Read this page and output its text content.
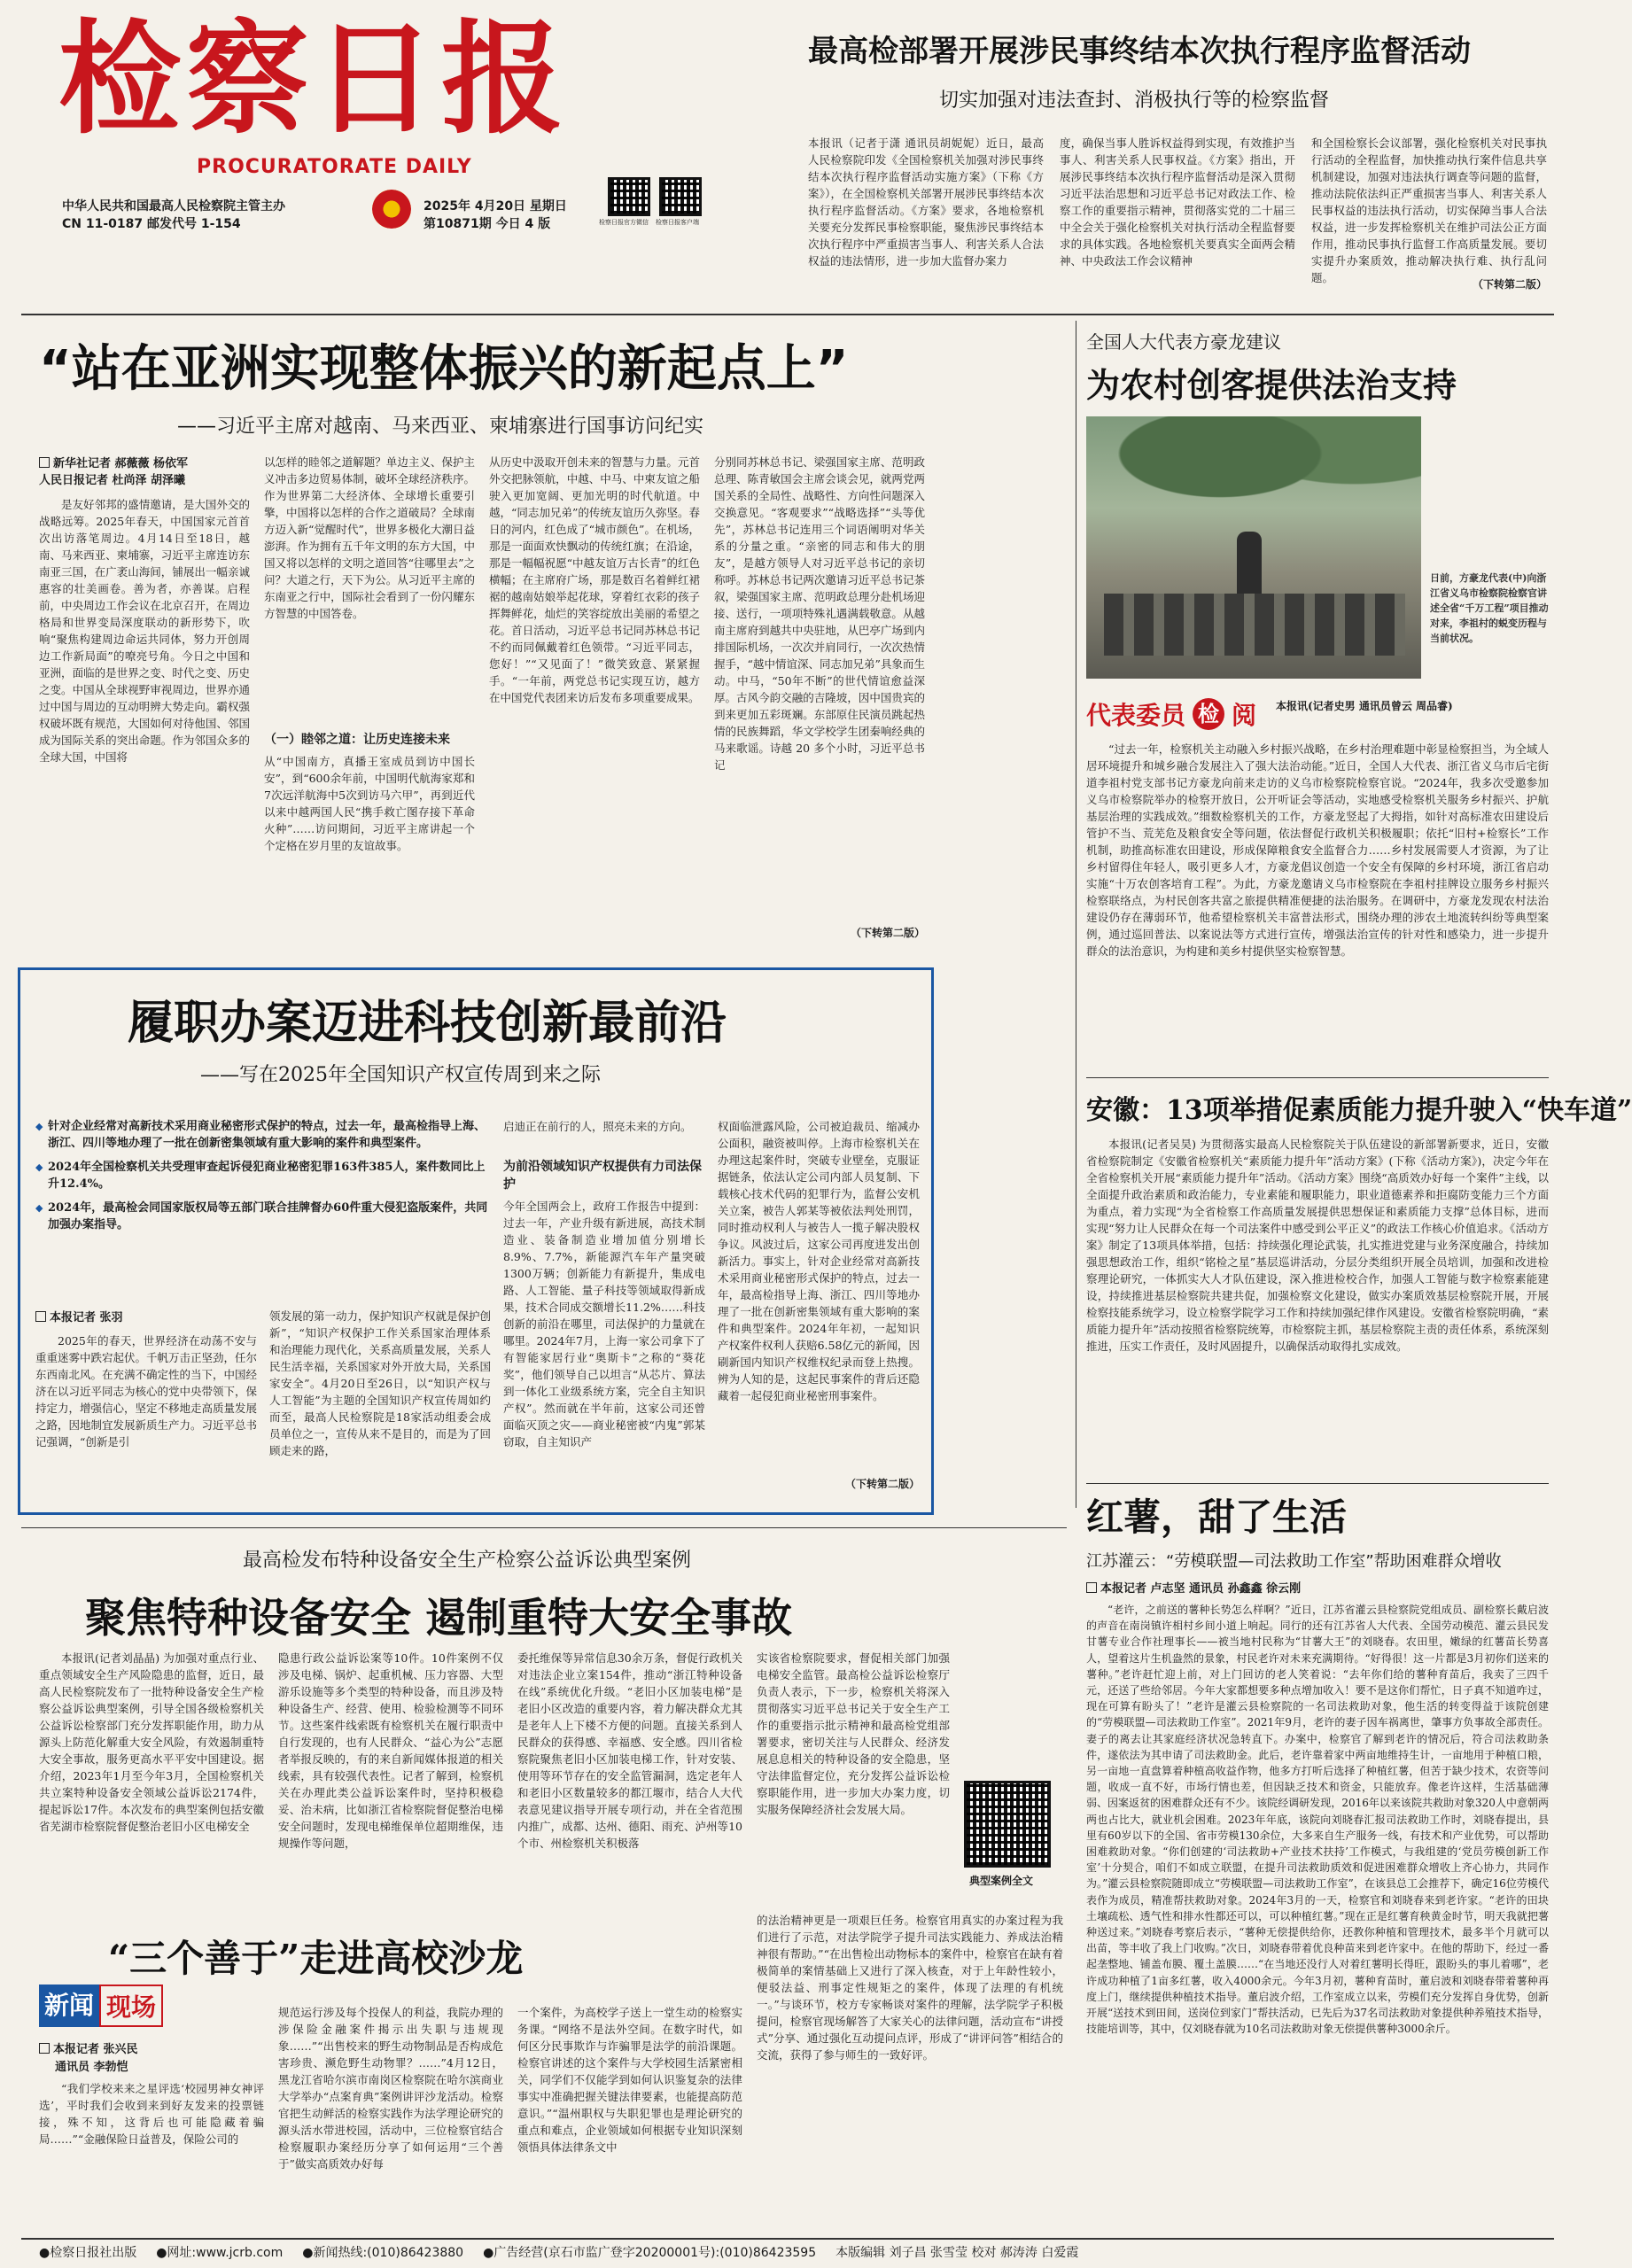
检察日报
PROCURATORATE DAILY
中华人民共和国最高人民检察院主管主办
CN 11-0187 邮发代号 1-154
2025年 4月20日 星期日
第10871期 今日 4 版	检察日报官方微信 检察日报客户端
最高检部署开展涉民事终结本次执行程序监督活动
切实加强对违法查封、消极执行等的检察监督
本报讯（记者于潇 通讯员胡妮妮）近日，最高人民检察院印发《全国检察机关加强对涉民事终结本次执行程序监督活动实施方案》（下称《方案》），在全国检察机关部署开展涉民事终结本次执行程序监督活动。《方案》要求，各地检察机关要充分发挥民事检察职能，聚焦涉民事终结本次执行程序中严重损害当事人、利害关系人合法权益的违法情形，进一步加大监督办案力
度，确保当事人胜诉权益得到实现，有效推护当事人、利害关系人民事权益。《方案》指出，开展涉民事终结本次执行程序监督活动是深入贯彻习近平法治思想和习近平总书记对政法工作、检察工作的重要指示精神，贯彻落实党的二十届三中全会关于强化检察机关对执行活动全程监督要求的具体实践。各地检察机关要真实全面两会精神、中央政法工作会议精神
和全国检察长会议部署，强化检察机关对民事执行活动的全程监督，加快推动执行案件信息共享机制建设，加强对违法执行调查等问题的监督，推动法院依法纠正严重损害当事人、利害关系人民事权益的违法执行活动，切实保障当事人合法权益，进一步发挥检察机关在维护司法公正方面作用，推动民事执行监督工作高质量发展。要切实提升办案质效，推动解决执行难、执行乱问题。	（下转第二版）
“站在亚洲实现整体振兴的新起点上”
——习近平主席对越南、马来西亚、柬埔寨进行国事访问纪实
新华社记者 郝薇薇 杨依军
人民日报记者 杜尚泽 胡泽曦
是友好邻邦的盛情邀请，是大国外交的战略远筹。2025年春天，中国国家元首首次出访落笔周边。4月14日至18日，越南、马来西亚、柬埔寨，习近平主席连访东南亚三国，在广袤山海间，铺展出一幅亲诚惠容的壮美画卷。善为者，亦善谋。启程前，中央周边工作会议在北京召开，在周边格局和世界变局深度联动的新形势下，吹响“聚焦构建周边命运共同体，努力开创周边工作新局面”的嘹亮号角。今日之中国和亚洲，面临的是世界之变、时代之变、历史之变。中国从全球视野审视周边，世界亦通过中国与周边的互动明辨大势走向。霸权强权破坏既有规范，大国如何对待他国、邻国成为国际关系的突出命题。作为邻国众多的全球大国，中国将
以怎样的睦邻之道解题？单边主义、保护主义冲击多边贸易体制，破坏全球经济秩序。作为世界第二大经济体、全球增长重要引擎，中国将以怎样的合作之道破局？全球南方迈入新“觉醒时代”，世界多极化大潮日益澎湃。作为拥有五千年文明的东方大国，中国又将以怎样的文明之道回答“往哪里去”之问？大道之行，天下为公。从习近平主席的东南亚之行中，国际社会看到了一份闪耀东方智慧的中国答卷。
（一）睦邻之道：让历史连接未来
从“中国南方，真播王室成员到访中国长安”，到“600余年前，中国明代航海家郑和7次远洋航海中5次到访马六甲”，再到近代以来中越两国人民“携手救亡图存接下革命火种”……访问期间，习近平主席讲起一个个定格在岁月里的友谊故事。
从历史中汲取开创未来的智慧与力量。元首外交把脉领航，中越、中马、中柬友谊之船驶入更加宽阔、更加光明的时代航道。中越，“同志加兄弟”的传统友谊历久弥坚。春日的河内，红色成了“城市颜色”。在机场，那是一面面欢快飘动的传统红旗；在沿途，那是一幅幅祝愿“中越友谊万古长青”的红色横幅；在主席府广场，那是数百名着鲜红裙裾的越南姑娘举起花球，穿着红衣彩的孩子挥舞鲜花，灿烂的笑容绽放出美丽的希望之花。首日活动，习近平总书记同苏林总书记不约而同佩戴着红色领带。“习近平同志，您好！”“又见面了！”微笑致意、紧紧握手。“一年前，两党总书记实现互访，越方在中国党代表团来访后发布多项重要成果。
分别同苏林总书记、梁强国家主席、范明政总理、陈青敏国会主席会谈会见，就两党两国关系的全局性、战略性、方向性问题深入交换意见。“客观要求”“战略选择”“头等优先”，苏林总书记连用三个词语阐明对华关系的分量之重。“亲密的同志和伟大的朋友”，是越方领导人对习近平总书记的亲切称呼。苏林总书记两次邀请习近平总书记茶叙，梁强国家主席、范明政总理分赴机场迎接、送行，一项项特殊礼遇满载敬意。从越南主席府到越共中央驻地，从巴亭广场到内排国际机场，一次次并肩同行，一次次热情握手，“越中情谊深、同志加兄弟”具象而生动。中马，“50年不断”的世代情谊愈益深厚。古风今韵交融的吉隆坡，因中国贵宾的到来更加五彩斑斓。东部原住民演员跳起热情的民族舞蹈，华文学校学生团秦响经典的马来歌谣。诗越 20 多个小时，习近平总书记
（下转第二版）
履职办案迈进科技创新最前沿
——写在2025年全国知识产权宣传周到来之际
◆ 针对企业经常对高新技术采用商业秘密形式保护的特点，过去一年，最高检指导上海、浙江、四川等地办理了一批在创新密集领域有重大影响的案件和典型案件。
◆ 2024年全国检察机关共受理审查起诉侵犯商业秘密犯罪163件385人，案件数同比上升12.4%。
◆ 2024年，最高检会同国家版权局等五部门联合挂牌督办60件重大侵犯盗版案件，共同加强办案指导。
本报记者 张羽
2025年的春天，世界经济在动荡不安与重重迷雾中跌宕起伏。千帆万击正坚劲，任尔东西南北风。在充满不确定性的当下，中国经济在以习近平同志为核心的党中央带领下，保持定力，增强信心，坚定不移地走高质量发展之路，因地制宜发展新质生产力。习近平总书记强调，“创新是引
领发展的第一动力，保护知识产权就是保护创新”，“知识产权保护工作关系国家治理体系和治理能力现代化，关系高质量发展，关系人民生活幸福，关系国家对外开放大局，关系国家安全”。4月20日至26日，以“知识产权与人工智能”为主题的全国知识产权宣传周如约而至，最高人民检察院是18家活动组委会成员单位之一，宣传从来不是目的，而是为了回顾走来的路，
启迪正在前行的人，照亮未来的方向。
为前沿领域知识产权提供有力司法保护
今年全国两会上，政府工作报告中提到：过去一年，产业升级有新进展，高技术制造业、装备制造业增加值分别增长8.9%、7.7%，新能源汽车年产量突破1300万辆；创新能力有新提升，集成电路、人工智能、量子科技等领域取得新成果，技术合同成交额增长11.2%……科技创新的前沿在哪里，司法保护的力量就在哪里。2024年7月，上海一家公司拿下了有智能家居行业“奥斯卡”之称的“葵花奖”，他们领导自己以坦言“从芯片、算法到一体化工业级系统方案，完全自主知识产权”。然而就在半年前，这家公司还曾面临灭顶之灾——商业秘密被“内鬼”郭某窃取，自主知识产
权面临泄露风险，公司被迫裁员、缩减办公面积，融资被叫停。上海市检察机关在办理这起案件时，突破专业壁垒，克服证据链条，依法认定公司内部人员复制、下载核心技术代码的犯罪行为，监督公安机关立案，被告人郭某等被依法判处刑罚，同时推动权利人与被告人一揽子解决股权争议。风波过后，这家公司再度进发出创新活力。事实上，针对企业经常对高新技术采用商业秘密形式保护的特点，过去一年，最高检指导上海、浙江、四川等地办理了一批在创新密集领域有重大影响的案件和典型案件。2024年年初，一起知识产权案件权利人获赔6.58亿元的新闻，因刷新国内知识产权维权纪录而登上热搜。辨为人知的是，这起民事案件的背后还隐藏着一起侵犯商业秘密刑事案件。
（下转第二版）
全国人大代表方豪龙建议
为农村创客提供法治支持
日前，方豪龙代表(中)向浙江省义乌市检察院检察官讲述全省“千万工程”项目推动对来，李祖村的蜕变历程与当前状况。
代表委员 检 阅 本报讯(记者史男 通讯员曾云 周品睿)
“过去一年，检察机关主动融入乡村振兴战略，在乡村治理难题中彰显检察担当，为全域人居环境提升和城乡融合发展注入了强大法治动能。”近日，全国人大代表、浙江省义乌市后宅街道李祖村党支部书记方豪龙向前来走访的义乌市检察院检察官说。“2024年，我多次受邀参加义乌市检察院举办的检察开放日，公开听证会等活动，实地感受检察机关服务乡村振兴、护航基层治理的实践成效。”细数检察机关的工作，方豪龙竖起了大拇指，如针对高标准农田建设后管护不当、荒芜危及粮食安全等问题，依法督促行政机关积极履职；依托“旧村+检察长”工作机制，助推高标准农田建设，形成保障粮食安全监督合力……乡村发展需要人才资源，为了让乡村留得住年轻人，吸引更多人才，方豪龙倡议创造一个安全有保障的乡村环境，浙江省启动实施“十万农创客培育工程”。为此，方豪龙邀请义乌市检察院在李祖村挂牌设立服务乡村振兴检察联络点，为村民创客共富之旅提供精准便捷的法治服务。在调研中，方豪龙发现农村法治建设仍存在薄弱环节，他希望检察机关丰富普法形式，围绕办理的涉农土地流转纠纷等典型案例，通过巡回普法、以案说法等方式进行宣传，增强法治宣传的针对性和感染力，进一步提升群众的法治意识，为构建和美乡村提供坚实检察智慧。
安徽：13项举措促素质能力提升驶入“快车道”
本报讯(记者吴昊) 为贯彻落实最高人民检察院关于队伍建设的新部署新要求，近日，安徽省检察院制定《安徽省检察机关“素质能力提升年”活动方案》(下称《活动方案》)，决定今年在全省检察机关开展“素质能力提升年”活动。《活动方案》围绕“高质效办好每一个案件”主线，以全面提升政治素质和政治能力，专业素能和履职能力，职业道德素养和拒腐防变能力三个方面为重点，着力实现“为全省检察工作高质量发展提供思想保证和素质能力支撑”总体目标，进而实现“努力让人民群众在每一个司法案件中感受到公平正义”的政法工作核心价值追求。《活动方案》制定了13项具体举措，包括：持续强化理论武装，扎实推进党建与业务深度融合，持续加强思想政治工作，组织“铭检之星”基层巡讲活动，分层分类组织开展全员培训，加强和改进检察理论研究，一体抓实大人才队伍建设，深入推进检校合作，加强人工智能与数字检察素能建设，持续推进基层检察院共建共促，加强检察文化建设，做实办案质效基层检察院开展，开展检察技能系统学习，设立检察学院学习工作和持续加强纪律作风建设。安徽省检察院明确，“素质能力提升年”活动按照省检察院统筹，市检察院主抓，基层检察院主责的责任体系，系统深刻推进，压实工作责任，及时风固提升，以确保活动取得扎实成效。
红薯，甜了生活
江苏灌云：“劳模联盟—司法救助工作室”帮助困难群众增收
本报记者 卢志坚 通讯员 孙鑫鑫 徐云刚
“老许，之前送的薯种长势怎么样啊？”近日，江苏省灌云县检察院党组成员、副检察长戴启波的声音在南岗镇许相村乡间小道上响起。同行的还有江苏省人大代表、全国劳动模范、灌云县民发甘薯专业合作社理事长——被当地村民称为“甘薯大王”的刘晓春。农田里，嫩绿的红薯苗长势喜人，望着这片生机盎然的景象，村民老许对未来充满期待。“好得很！这一片都是3月初你们送来的薯种。”老许赶忙迎上前，对上门回访的老人笑着说：“去年你们给的薯种育苗后，我卖了三四千元，还送了些给邻居。今年大家都想要多种点增加收入！要不是这你们帮忙，日子真不知道咋过，现在可算有盼头了！”老许是灌云县检察院的一名司法救助对象，他生活的转变得益于该院创建的“劳模联盟—司法救助工作室”。2021年9月，老许的妻子因车祸离世，肇事方负事故全部责任。妻子的离去让其家庭经济状况急转直下。办案中，检察官了解到老许的情况后，符合司法救助条件，遂依法为其申请了司法救助金。此后，老许靠着家中两亩地维持生计，一亩地用于种植口粮，另一亩地一直盘算着种植高收益作物，他多方打听后选择了种植红薯，但苦于缺少技术，农资等问题，收成一直不好，市场行情也差，但因缺乏技术和资金，只能放弃。像老许这样，生活基础薄弱、因案返贫的困难群众还有不少。该院经调研发现，2016年以来该院共救助对象320人中意朝两两也占比大，就业机会困难。2023年年底，该院向刘晓春汇报司法救助工作时，刘晓春提出，县里有60岁以下的全国、省市劳模130余位，大多来自生产服务一线，有技术和产业优势，可以帮助困难救助对象。“你们创建的‘司法救助+产业技术扶持’工作模式，与我组建的‘党员劳模创新工作室’十分契合，咱们不如成立联盟，在提升司法救助质效和促进困难群众增收上齐心协力，共同作为。”灌云县检察院随即成立“劳模联盟—司法救助工作室”，在该县总工会推荐下，确定16位劳模代表作为成员，精准帮扶救助对象。2024年3月的一天，检察官和刘晓春来到老许家。“老许的田块土壤疏松、透气性和排水性都还可以，可以种植红薯。”现在正是红薯育秧黄金时节，明天我就把薯种送过来。”刘晓春考察后表示，“薯种无偿提供给你，还教你种植和管理技术，最多半个月就可以出苗，等丰收了我上门收购。”次日，刘晓春带着优良种苗来到老许家中。在他的帮助下，经过一番起垄整地、铺盖布膜、覆土盖膜……“在当地还没行人对着红薯明长得旺，跟盼头的事儿着哪”，老许成功种植了1亩多红薯，收入4000余元。今年3月初，薯种育苗时，董启波和刘晓春带着薯种再度上门，继续提供种植技术指导。董启波介绍，工作室成立以来，劳模们充分发挥自身优势，创新开展“送技术到田间，送岗位到家门”帮扶活动，已先后为37名司法救助对象提供种养殖技术指导，技能培训等，其中，仅刘晓春就为10名司法救助对象无偿提供薯种3000余斤。
最高检发布特种设备安全生产检察公益诉讼典型案例
聚焦特种设备安全 遏制重特大安全事故
本报讯(记者刘晶晶) 为加强对重点行业、重点领域安全生产风险隐患的监督，近日，最高人民检察院发布了一批特种设备安全生产检察公益诉讼典型案例，引导全国各级检察机关公益诉讼检察部门充分发挥职能作用，助力从源头上防范化解重大安全风险，有效遏制重特大安全事故，服务更高水平平安中国建设。据介绍，2023年1月至今年3月，全国检察机关共立案特种设备安全领域公益诉讼2174件，提起诉讼17件。本次发布的典型案例包括安徽省芜湖市检察院督促整治老旧小区电梯安全
隐患行政公益诉讼案等10件。10件案例不仅涉及电梯、锅炉、起重机械、压力容器、大型游乐设施等多个类型的特种设备，而且涉及特种设备生产、经营、使用、检验检测等不同环节。这些案件线索既有检察机关在履行职责中自行发现的，也有人民群众、“益心为公”志愿者举报反映的，有的来自新闻媒体报道的相关线索，具有较强代表性。记者了解到，检察机关在办理此类公益诉讼案件时，坚持积极稳妥、治未病，比如浙江省检察院督促整治电梯安全问题时，发现电梯维保单位超期维保，违规操作等问题，
委托维保等异常信息30余万条，督促行政机关对违法企业立案154件，推动“浙江特种设备在线”系统优化升级。“老旧小区加装电梯”是老旧小区改造的重要内容，着力解决群众尤其是老年人上下楼不方便的问题。直接关系到人民群众的获得感、幸福感、安全感。四川省检察院聚焦老旧小区加装电梯工作，针对安装、使用等环节存在的安全监管漏洞，选定老年人和老旧小区数量较多的都江堰市，结合人大代表意见建议指导开展专项行动，并在全省范围内推广，成都、达州、德阳、雨充、泸州等10个市、州检察机关积极落
实该省检察院要求，督促相关部门加强电梯安全监管。最高检公益诉讼检察厅负责人表示，下一步，检察机关将深入贯彻落实习近平总书记关于安全生产工作的重要指示批示精神和最高检党组部署要求，密切关注与人民群众、经济发展息息相关的特种设备的安全隐患，坚守法律监督定位，充分发挥公益诉讼检察职能作用，进一步加大办案力度，切实服务保障经济社会发展大局。
典型案例全文
“三个善于”走进高校沙龙
新闻 现场
本报记者 张兴民
通讯员 李勃恺
“我们学校来来之星评选‘校园男神女神评选’，平时我们会收到来到好友发来的投票链接，殊不知，这背后也可能隐藏着骗局……”“金融保险日益普及，保险公司的
规范运行涉及每个投保人的利益，我院办理的涉保险金融案件揭示出失职与违规现象……”“出售校来的野生动物制品是否构成危害珍贵、濒危野生动物罪？……”4月12日，黑龙江省哈尔滨市南岗区检察院在哈尔滨商业大学举办“点案育典”案例讲评沙龙活动。检察官把生动鲜活的检察实践作为法学理论研究的源头活水带进校园，活动中，三位检察官结合检察履职办案经历分享了如何运用“三个善于”做实高质效办好每
一个案件，为高校学子送上一堂生动的检察实务课。“网络不是法外空间。在数字时代，如何区分民事欺诈与诈骗罪是法学的前沿课题。检察官讲述的这个案件与大学校园生活紧密相关，同学们不仅能学到如何认识鉴复杂的法律事实中准确把握关键法律要素，也能提高防范意识。”“温州职权与失职犯罪也是理论研究的重点和难点，企业领域如何根据专业知识深刻领悟具体法律条文中
的法治精神更是一项艰巨任务。检察官用真实的办案过程为我们进行了示范，对法学院学子提升司法实践能力、养成法治精神很有帮助。”“在出售检出动物标本的案件中，检察官在缺有着极简单的案情基础上又进行了深入核查，对于上年龄性较小，便驳法益、刑事定性规矩之的案件，体现了法理的有机统一。”与谈环节，校方专家畅谈对案件的理解，法学院学子积极提问，检察官现场解答了大家关心的法律问题，活动宣布“讲授式”分享、通过强化互动提问点评，形成了“讲评问答”相结合的交流，获得了参与师生的一致好评。
●检察日报社出版 ●网址:www.jcrb.com ●新闻热线:(010)86423880 ●广告经营(京石市监广登字20200001号):(010)86423595 本版编辑 刘子昌 张雪莹 校对 郝涛涛 白爱霞
